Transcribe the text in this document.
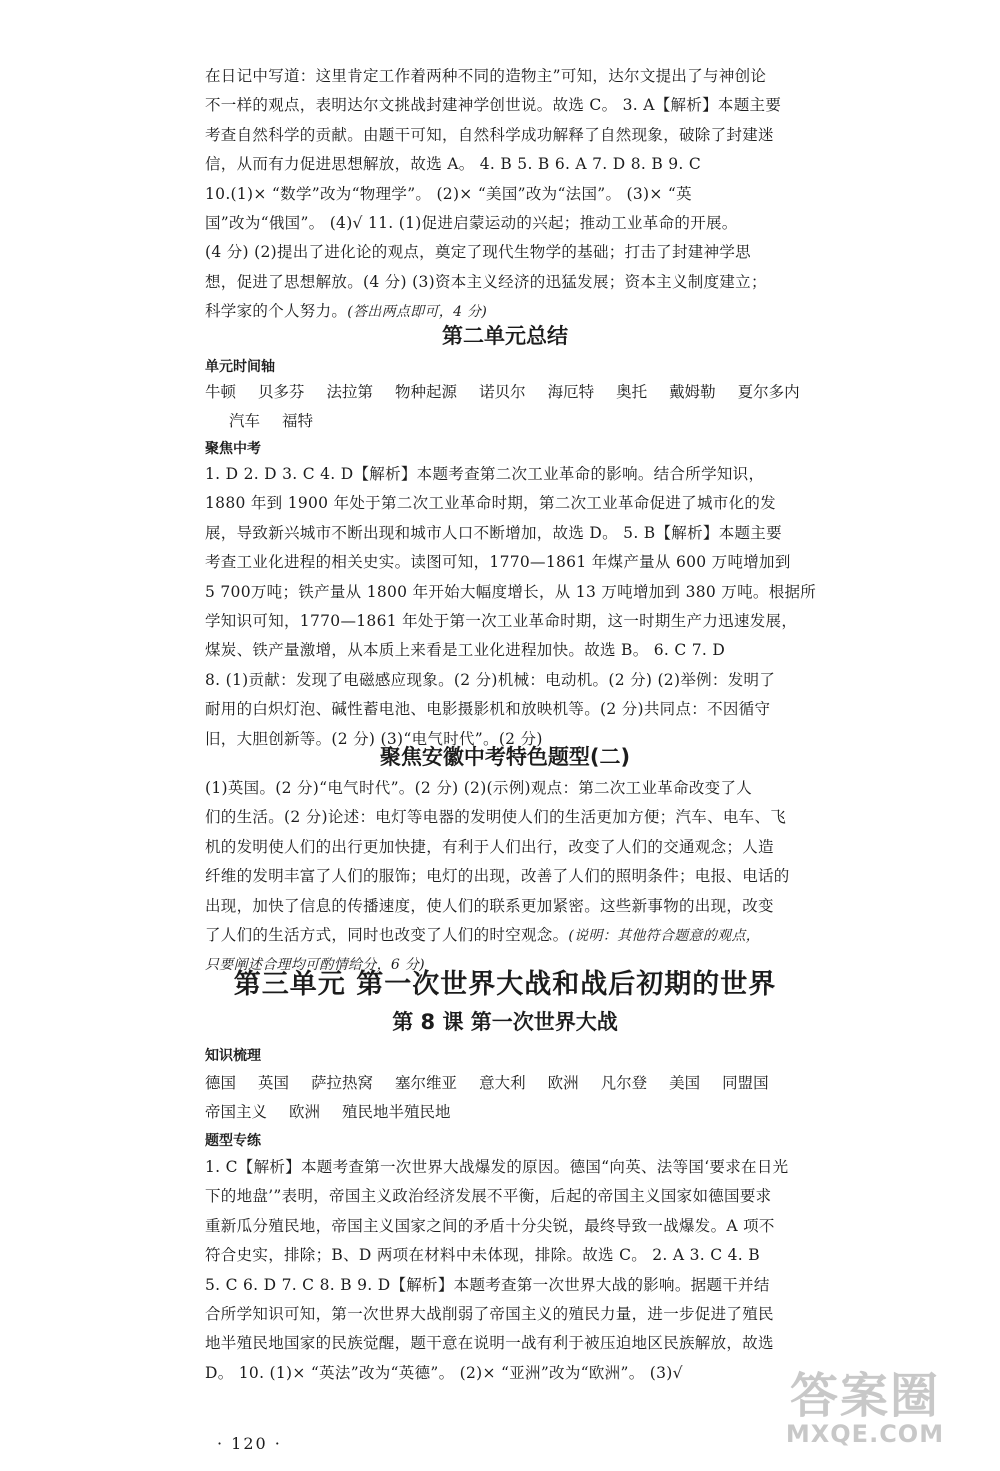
在日记中写道：这里肯定工作着两种不同的造物主”可知，达尔文提出了与神创论
不一样的观点，表明达尔文挑战封建神学创世说。故选 C。 3. A【解析】本题主要
考查自然科学的贡献。由题干可知，自然科学成功解释了自然现象，破除了封建迷
信，从而有力促进思想解放，故选 A。 4. B 5. B 6. A 7. D 8. B 9. C
10.(1)× “数学”改为“物理学”。 (2)× “美国”改为“法国”。 (3)× “英
国”改为“俄国”。 (4)√ 11. (1)促进启蒙运动的兴起；推动工业革命的开展。
(4 分) (2)提出了进化论的观点，奠定了现代生物学的基础；打击了封建神学思
想，促进了思想解放。(4 分) (3)资本主义经济的迅猛发展；资本主义制度建立；
科学家的个人努力。(答出两点即可，4 分)

第二单元总结

单元时间轴

牛顿 贝多芬 法拉第 物种起源 诺贝尔 海厄特 奥托 戴姆勒 夏尔多内
汽车 福特

聚焦中考

1. D 2. D 3. C 4. D【解析】本题考查第二次工业革命的影响。结合所学知识，
1880 年到 1900 年处于第二次工业革命时期，第二次工业革命促进了城市化的发
展，导致新兴城市不断出现和城市人口不断增加，故选 D。 5. B【解析】本题主要
考查工业化进程的相关史实。读图可知，1770—1861 年煤产量从 600 万吨增加到
5 700万吨；铁产量从 1800 年开始大幅度增长，从 13 万吨增加到 380 万吨。根据所
学知识可知，1770—1861 年处于第一次工业革命时期，这一时期生产力迅速发展，
煤炭、铁产量激增，从本质上来看是工业化进程加快。故选 B。 6. C 7. D
8. (1)贡献：发现了电磁感应现象。(2 分)机械：电动机。(2 分) (2)举例：发明了
耐用的白炽灯泡、碱性蓄电池、电影摄影机和放映机等。(2 分)共同点：不因循守
旧，大胆创新等。(2 分) (3)“电气时代”。(2 分)

聚焦安徽中考特色题型(二)

(1)英国。(2 分)“电气时代”。(2 分) (2)(示例)观点：第二次工业革命改变了人
们的生活。(2 分)论述：电灯等电器的发明使人们的生活更加方便；汽车、电车、飞
机的发明使人们的出行更加快捷，有利于人们出行，改变了人们的交通观念；人造
纤维的发明丰富了人们的服饰；电灯的出现，改善了人们的照明条件；电报、电话的
出现，加快了信息的传播速度，使人们的联系更加紧密。这些新事物的出现，改变
了人们的生活方式，同时也改变了人们的时空观念。(说明：其他符合题意的观点，
只要阐述合理均可酌情给分，6 分)

第三单元 第一次世界大战和战后初期的世界

第 8 课 第一次世界大战

知识梳理

德国 英国 萨拉热窝 塞尔维亚 意大利 欧洲 凡尔登 美国 同盟国
帝国主义 欧洲 殖民地半殖民地

题型专练

1. C【解析】本题考查第一次世界大战爆发的原因。德国“向英、法等国‘要求在日光
下的地盘’”表明，帝国主义政治经济发展不平衡，后起的帝国主义国家如德国要求
重新瓜分殖民地，帝国主义国家之间的矛盾十分尖锐，最终导致一战爆发。A 项不
符合史实，排除；B、D 两项在材料中未体现，排除。故选 C。 2. A 3. C 4. B
5. C 6. D 7. C 8. B 9. D【解析】本题考查第一次世界大战的影响。据题干并结
合所学知识可知，第一次世界大战削弱了帝国主义的殖民力量，进一步促进了殖民
地半殖民地国家的民族觉醒，题干意在说明一战有利于被压迫地区民族解放，故选
D。 10. (1)× “英法”改为“英德”。 (2)× “亚洲”改为“欧洲”。 (3)√
· 120 ·
答案圈
MXQE.COM
